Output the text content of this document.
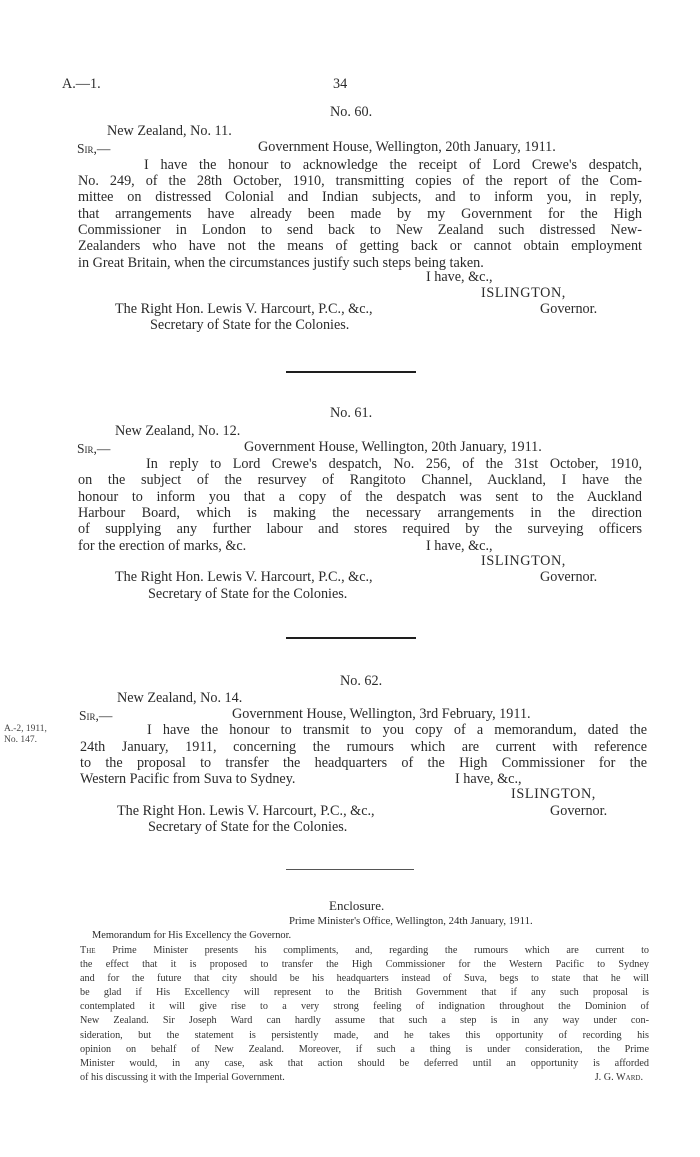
A.—1.	34
No. 60.
New Zealand, No. 11.
Sir,—	Government House, Wellington, 20th January, 1911.
I have the honour to acknowledge the receipt of Lord Crewe's despatch,
No. 249, of the 28th October, 1910, transmitting copies of the report of the Com-
mittee on distressed Colonial and Indian subjects, and to inform you, in reply,
that arrangements have already been made by my Government for the High
Commissioner in London to send back to New Zealand such distressed New-
Zealanders who have not the means of getting back or cannot obtain employment
in Great Britain, when the circumstances justify such steps being taken.
I have, &c.,
ISLINGTON,
The Right Hon. Lewis V. Harcourt, P.C., &c.,	Governor.
Secretary of State for the Colonies.
No. 61.
New Zealand, No. 12.
Sir,—	Government House, Wellington, 20th January, 1911.
In reply to Lord Crewe's despatch, No. 256, of the 31st October, 1910,
on the subject of the resurvey of Rangitoto Channel, Auckland, I have the
honour to inform you that a copy of the despatch was sent to the Auckland
Harbour Board, which is making the necessary arrangements in the direction
of supplying any further labour and stores required by the surveying officers
for the erection of marks, &c.	I have, &c.,
ISLINGTON,
The Right Hon. Lewis V. Harcourt, P.C., &c.,	Governor.
Secretary of State for the Colonies.
No. 62.
New Zealand, No. 14.
Sir,—	Government House, Wellington, 3rd February, 1911.
A.-2, 1911,
No. 147.
I have the honour to transmit to you copy of a memorandum, dated the
24th January, 1911, concerning the rumours which are current with reference
to the proposal to transfer the headquarters of the High Commissioner for the
Western Pacific from Suva to Sydney.	I have, &c.,
ISLINGTON,
The Right Hon. Lewis V. Harcourt, P.C., &c.,	Governor.
Secretary of State for the Colonies.
Enclosure.
Prime Minister's Office, Wellington, 24th January, 1911.
Memorandum for His Excellency the Governor.
The Prime Minister presents his compliments, and, regarding the rumours which are current to
the effect that it is proposed to transfer the High Commissioner for the Western Pacific to Sydney
and for the future that city should be his headquarters instead of Suva, begs to state that he will
be glad if His Excellency will represent to the British Government that if any such proposal is
contemplated it will give rise to a very strong feeling of indignation throughout the Dominion of
New Zealand. Sir Joseph Ward can hardly assume that such a step is in any way under con-
sideration, but the statement is persistently made, and he takes this opportunity of recording his
opinion on behalf of New Zealand. Moreover, if such a thing is under consideration, the Prime
Minister would, in any case, ask that action should be deferred until an opportunity is afforded
of his discussing it with the Imperial Government.	J. G. Ward.
